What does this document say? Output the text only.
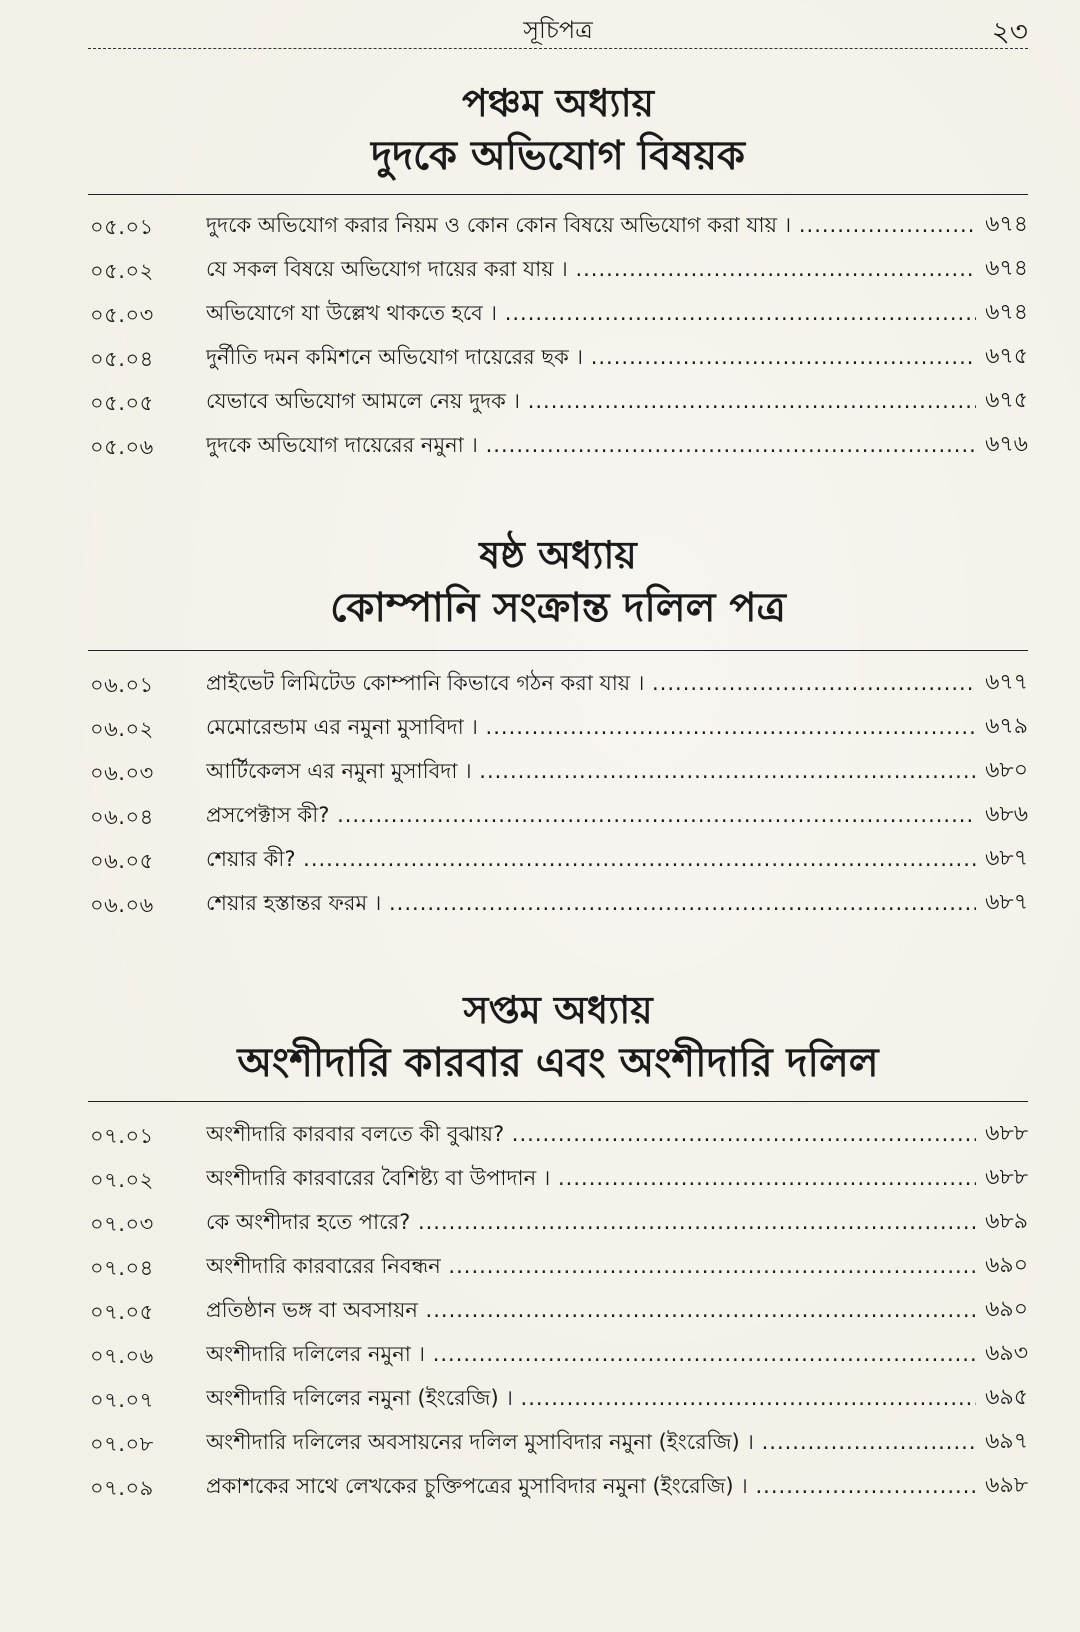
সূচিপত্র	২৩
পঞ্চম অধ্যায়
দুদকে অভিযোগ বিষয়ক
০৫.০১	দুদকে অভিযোগ করার নিয়ম ও কোন কোন বিষয়ে অভিযোগ করা যায় । .....	৬৭৪
০৫.০২	যে সকল বিষয়ে অভিযোগ দায়ের করা যায় । .....	৬৭৪
০৫.০৩	অভিযোগে যা উল্লেখ থাকতে হবে । .....	৬৭৪
০৫.০৪	দুর্নীতি দমন কমিশনে অভিযোগ দায়েরের ছক । .....	৬৭৫
০৫.০৫	যেভাবে অভিযোগ আমলে নেয় দুদক । .....	৬৭৫
০৫.০৬	দুদকে অভিযোগ দায়েরের নমুনা । .....	৬৭৬
ষষ্ঠ অধ্যায়
কোম্পানি সংক্রান্ত দলিল পত্র
০৬.০১	প্রাইভেট লিমিটেড কোম্পানি কিভাবে গঠন করা যায় । .....	৬৭৭
০৬.০২	মেমোরেন্ডাম এর নমুনা মুসাবিদা । .....	৬৭৯
০৬.০৩	আর্টিকেলস এর নমুনা মুসাবিদা । .....	৬৮০
০৬.০৪	প্রসপেক্টাস কী? .....	৬৮৬
০৬.০৫	শেয়ার কী? .....	৬৮৭
০৬.০৬	শেয়ার হস্তান্তর ফরম । .....	৬৮৭
সপ্তম অধ্যায়
অংশীদারি কারবার এবং অংশীদারি দলিল
০৭.০১	অংশীদারি কারবার বলতে কী বুঝায়? .....	৬৮৮
০৭.০২	অংশীদারি কারবারের বৈশিষ্ট্য বা উপাদান । .....	৬৮৮
০৭.০৩	কে অংশীদার হতে পারে? .....	৬৮৯
০৭.০৪	অংশীদারি কারবারের নিবন্ধন .....	৬৯০
০৭.০৫	প্রতিষ্ঠান ভঙ্গ বা অবসায়ন .....	৬৯০
০৭.০৬	অংশীদারি দলিলের নমুনা । .....	৬৯৩
০৭.০৭	অংশীদারি দলিলের নমুনা (ইংরেজি) । .....	৬৯৫
০৭.০৮	অংশীদারি দলিলের অবসায়নের দলিল মুসাবিদার নমুনা (ইংরেজি) । .....	৬৯৭
০৭.০৯	প্রকাশকের সাথে লেখকের চুক্তিপত্রের মুসাবিদার নমুনা (ইংরেজি) । .....	৬৯৮
